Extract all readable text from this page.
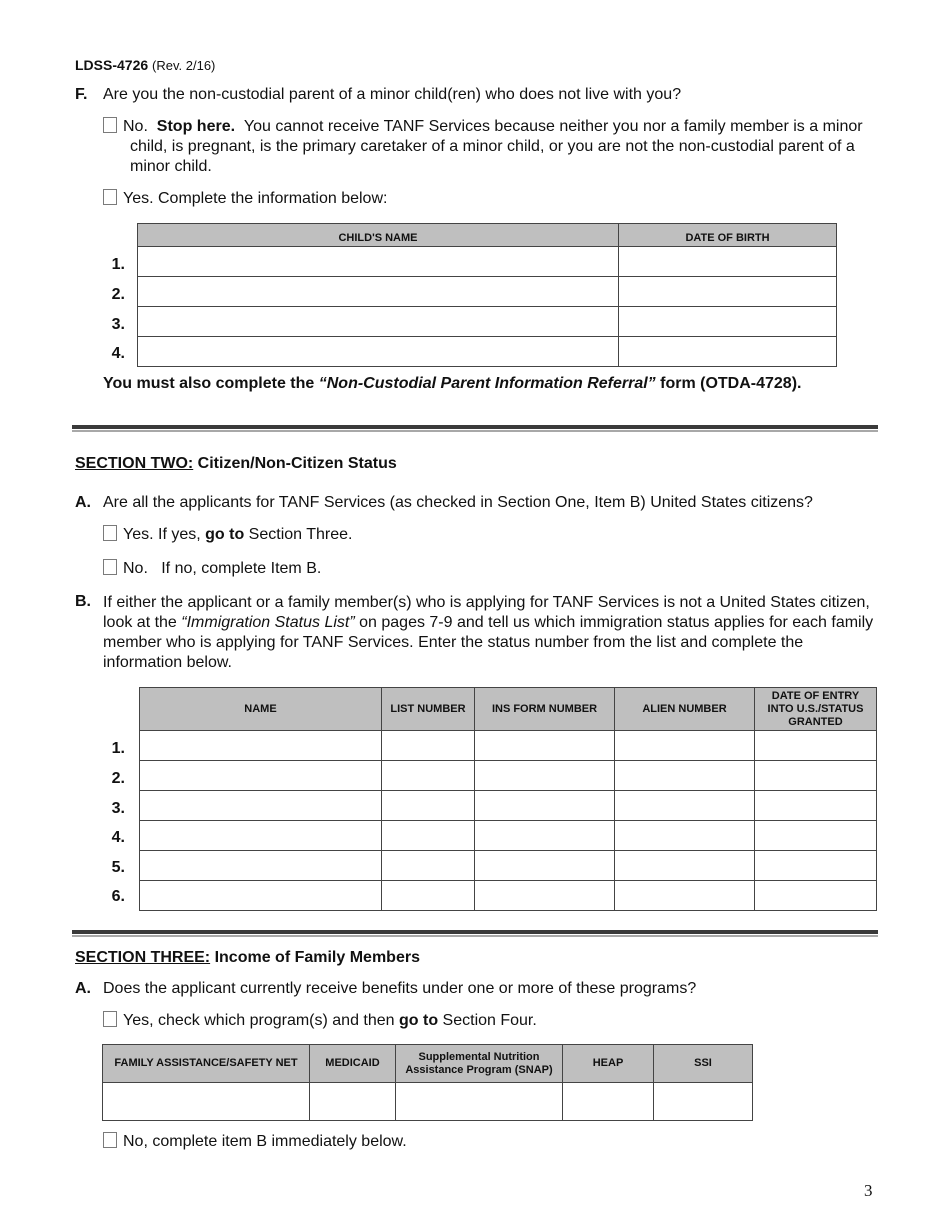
LDSS-4726 (Rev. 2/16)
F. Are you the non-custodial parent of a minor child(ren) who does not live with you?
No. Stop here. You cannot receive TANF Services because neither you nor a family member is a minor child, is pregnant, is the primary caretaker of a minor child, or you are not the non-custodial parent of a minor child.
Yes. Complete the information below:
CHILD'S NAME	DATE OF BIRTH

1.
2.
3.
4.
You must also complete the “Non-Custodial Parent Information Referral” form (OTDA-4728).
SECTION TWO: Citizen/Non-Citizen Status
A. Are all the applicants for TANF Services (as checked in Section One, Item B) United States citizens?
Yes. If yes, go to Section Three.
No.   If no, complete Item B.
B. If either the applicant or a family member(s) who is applying for TANF Services is not a United States citizen, look at the “Immigration Status List” on pages 7-9 and tell us which immigration status applies for each family member who is applying for TANF Services. Enter the status number from the list and complete the information below.
NAME	LIST NUMBER	INS FORM NUMBER	ALIEN NUMBER	DATE OF ENTRY INTO U.S./STATUS GRANTED

1.
2.
3.
4.
5.
6.
SECTION THREE: Income of Family Members
A. Does the applicant currently receive benefits under one or more of these programs?
Yes, check which program(s) and then go to Section Four.
FAMILY ASSISTANCE/SAFETY NET	MEDICAID	Supplemental Nutrition Assistance Program (SNAP)	HEAP	SSI

No, complete item B immediately below.
3
